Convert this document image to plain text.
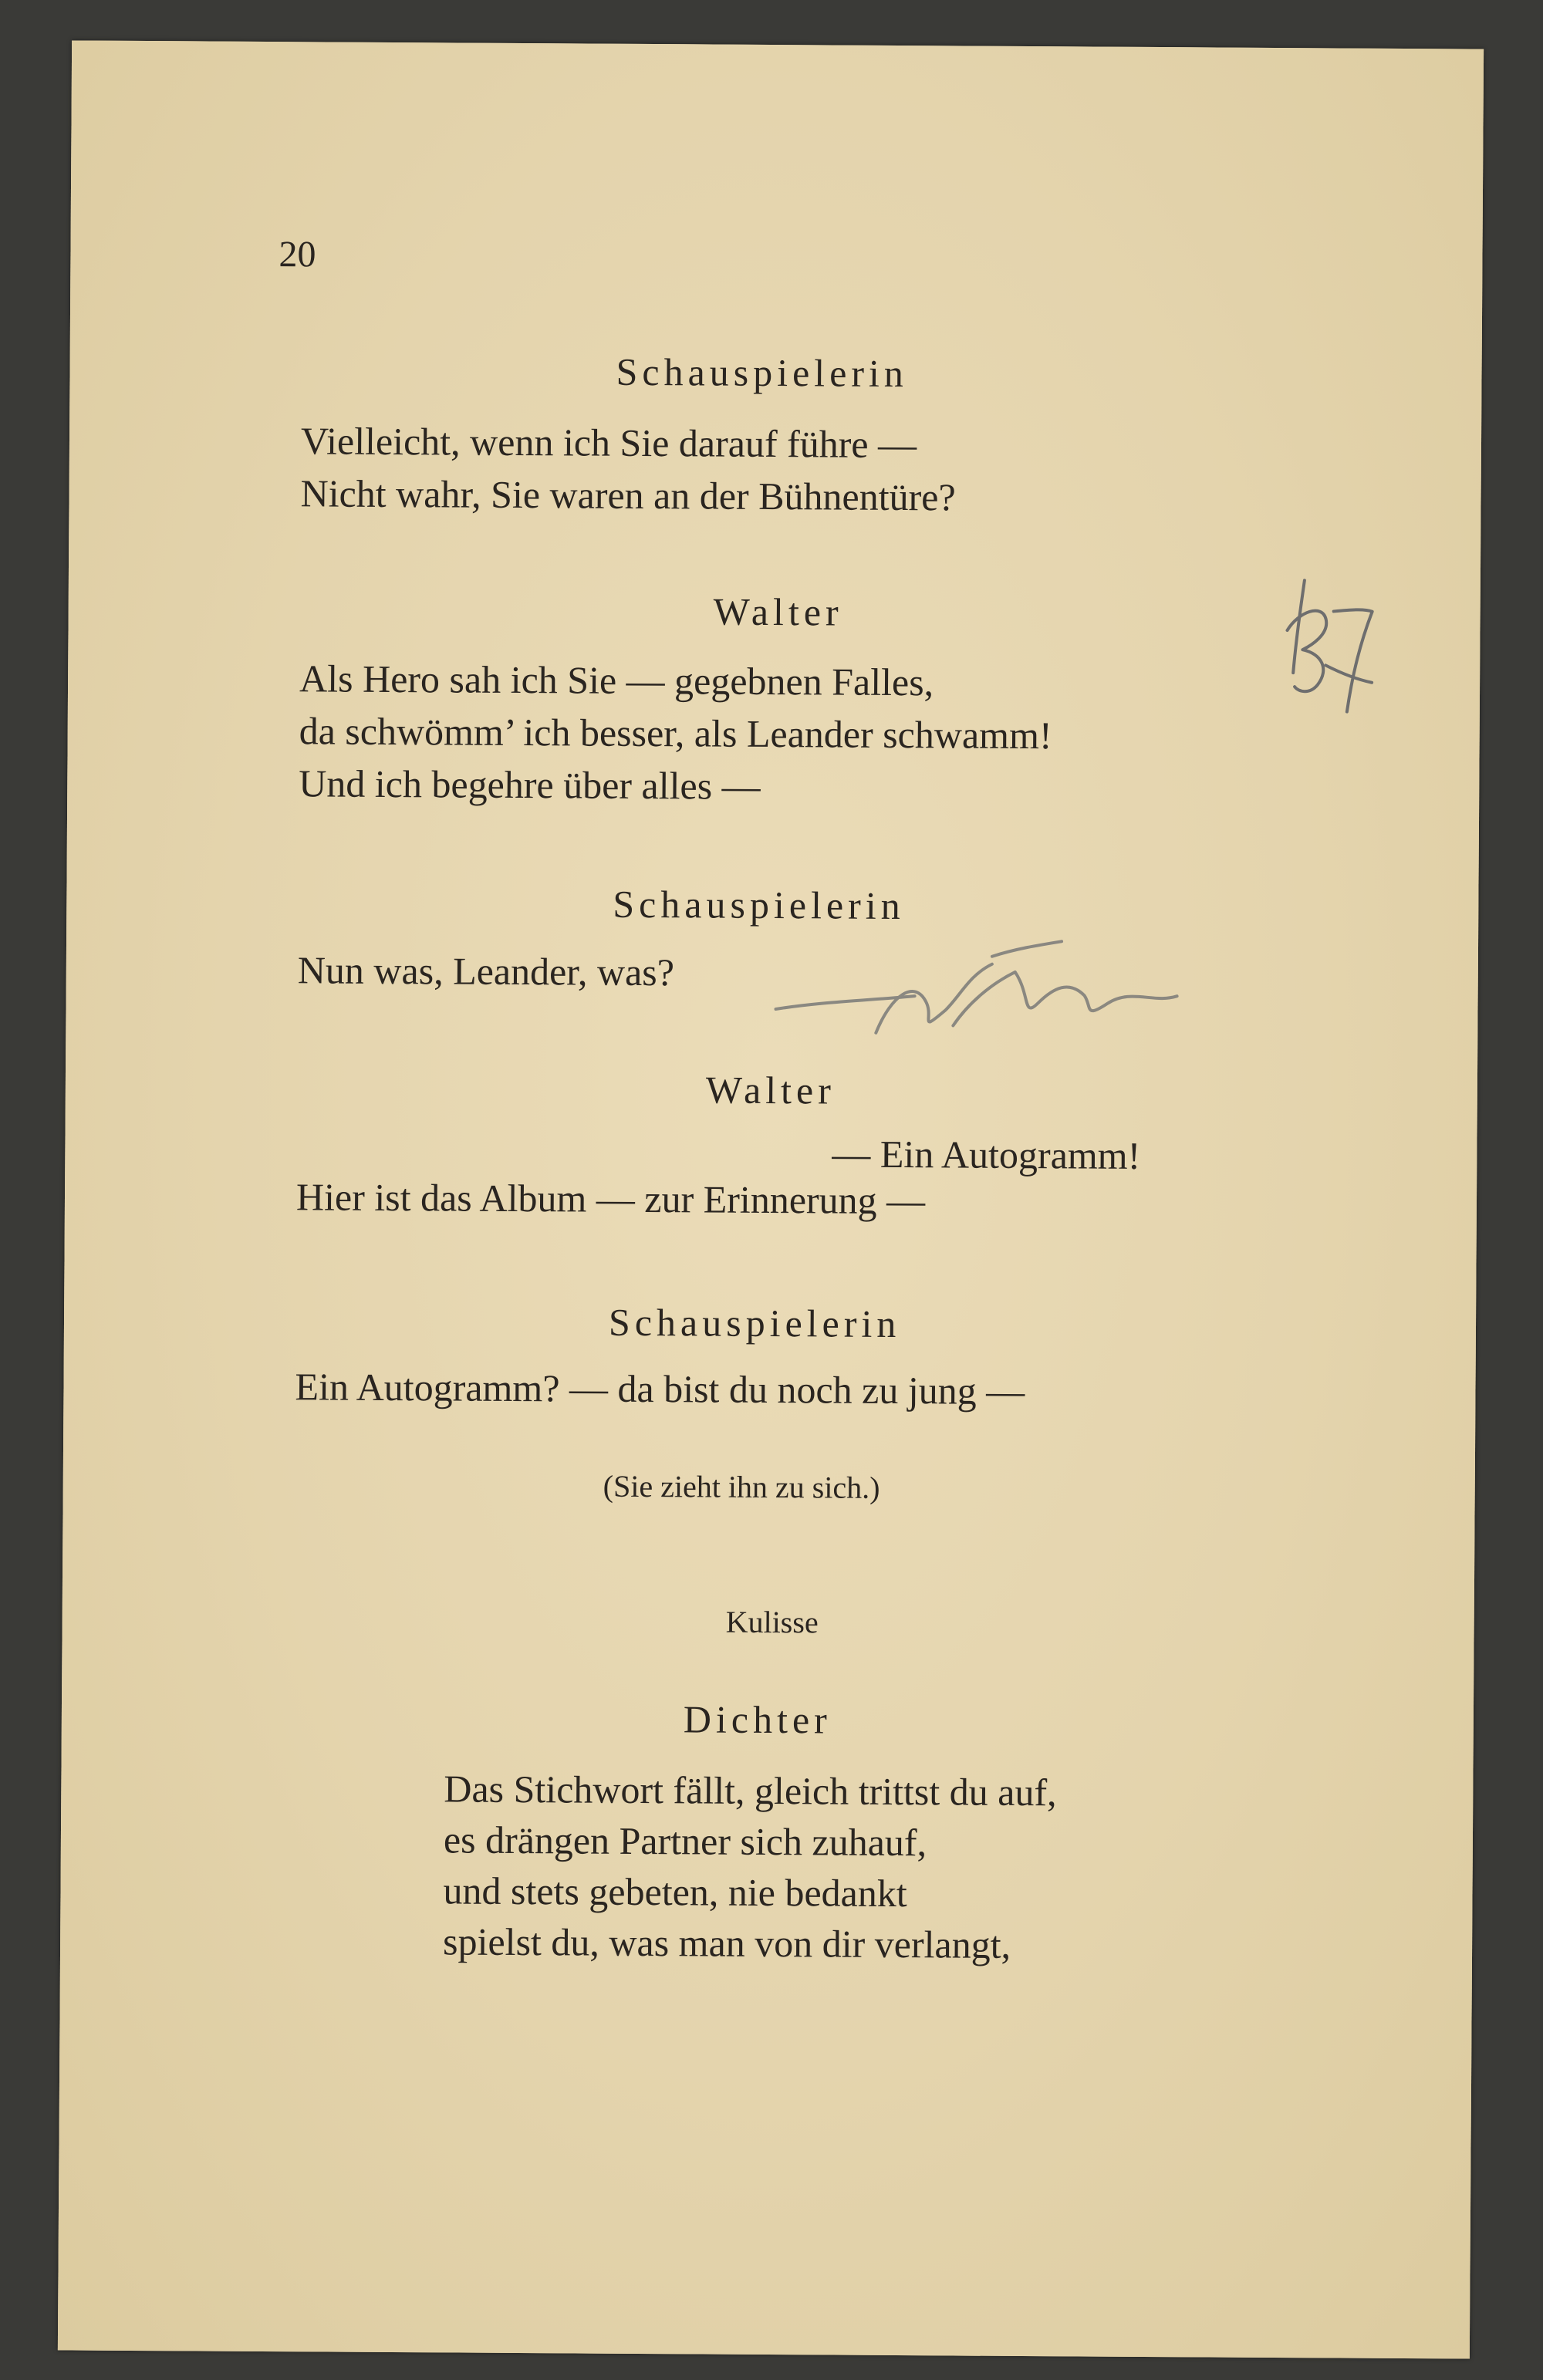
20
Schauspielerin
Vielleicht, wenn ich Sie darauf führe —
Nicht wahr, Sie waren an der Bühnentüre?
Walter
Als Hero sah ich Sie — gegebnen Falles,
da schwömm’ ich besser, als Leander schwamm!
Und ich begehre über alles —
Schauspielerin
Nun was, Leander, was?
Walter
— Ein Autogramm!
Hier ist das Album — zur Erinnerung —
Schauspielerin
Ein Autogramm? — da bist du noch zu jung —
(Sie zieht ihn zu sich.)
Kulisse
Dichter
Das Stichwort fällt, gleich trittst du auf,
es drängen Partner sich zuhauf,
und stets gebeten, nie bedankt
spielst du, was man von dir verlangt,
